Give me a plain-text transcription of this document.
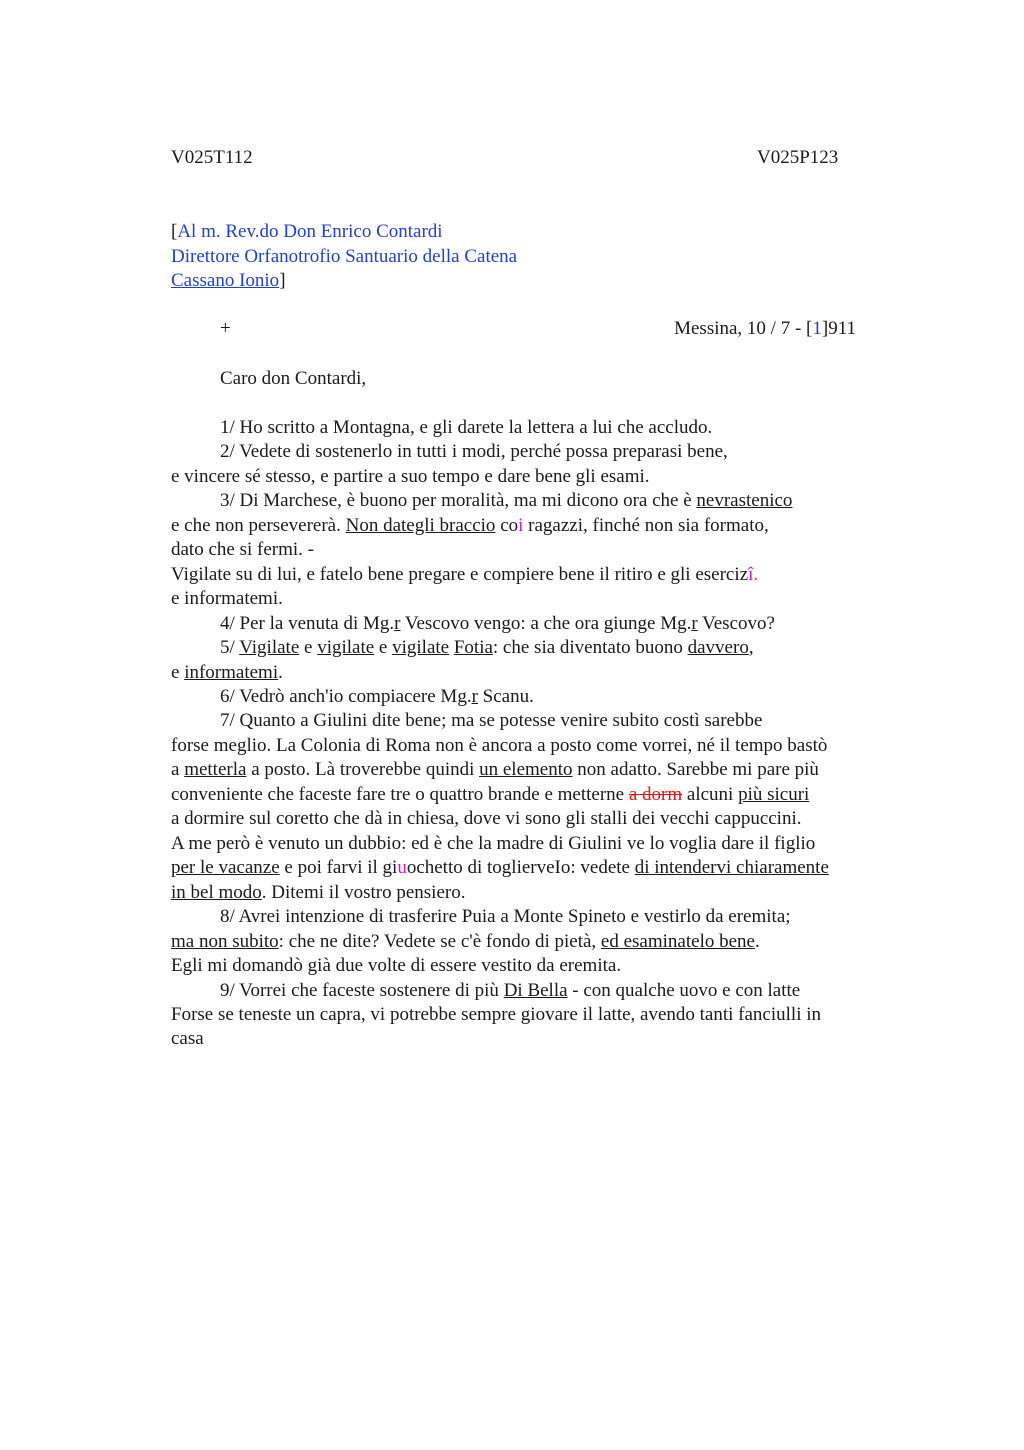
V025T112	V025P123
[Al m. Rev.do Don Enrico Contardi
Direttore Orfanotrofio Santuario della Catena
Cassano Ionio]
+	Messina, 10 / 7 - [1]911
Caro don Contardi,
1/ Ho scritto a Montagna, e gli darete la lettera a lui che accludo.
2/ Vedete di sostenerlo in tutti i modi, perché possa preparasi bene,
e vincere sé stesso, e partire a suo tempo e dare bene gli esami.
3/ Di Marchese, è buono per moralità, ma mi dicono ora che è nevrastenico
e che non persevererà. Non dategli braccio coi ragazzi, finché non sia formato,
dato che si fermi. -
Vigilate su di lui, e fatelo bene pregare e compiere bene il ritiro e gli esercizî.
e informatemi.
4/ Per la venuta di Mg.r Vescovo vengo: a che ora giunge Mg.r Vescovo?
5/ Vigilate e vigilate e vigilate Fotia: che sia diventato buono davvero,
e informatemi.
6/ Vedrò anch'io compiacere Mg.r Scanu.
7/ Quanto a Giulini dite bene; ma se potesse venire subito costì sarebbe
forse meglio. La Colonia di Roma non è ancora a posto come vorrei, né il tempo bastò
a metterla a posto. Là troverebbe quindi un elemento non adatto. Sarebbe mi pare più
conveniente che faceste fare tre o quattro brande e metterne a dorm alcuni più sicuri
a dormire sul coretto che dà in chiesa, dove vi sono gli stalli dei vecchi cappuccini.
A me però è venuto un dubbio: ed è che la madre di Giulini ve lo voglia dare il figlio
per le vacanze e poi farvi il giuochetto di toglierveIo: vedete di intendervi chiaramente
in bel modo. Ditemi il vostro pensiero.
8/ Avrei intenzione di trasferire Puia a Monte Spineto e vestirlo da eremita;
ma non subito: che ne dite? Vedete se c'è fondo di pietà, ed esaminatelo bene.
Egli mi domandò già due volte di essere vestito da eremita.
9/ Vorrei che faceste sostenere di più Di Bella - con qualche uovo e con latte
Forse se teneste un capra, vi potrebbe sempre giovare il latte, avendo tanti fanciulli in
casa
